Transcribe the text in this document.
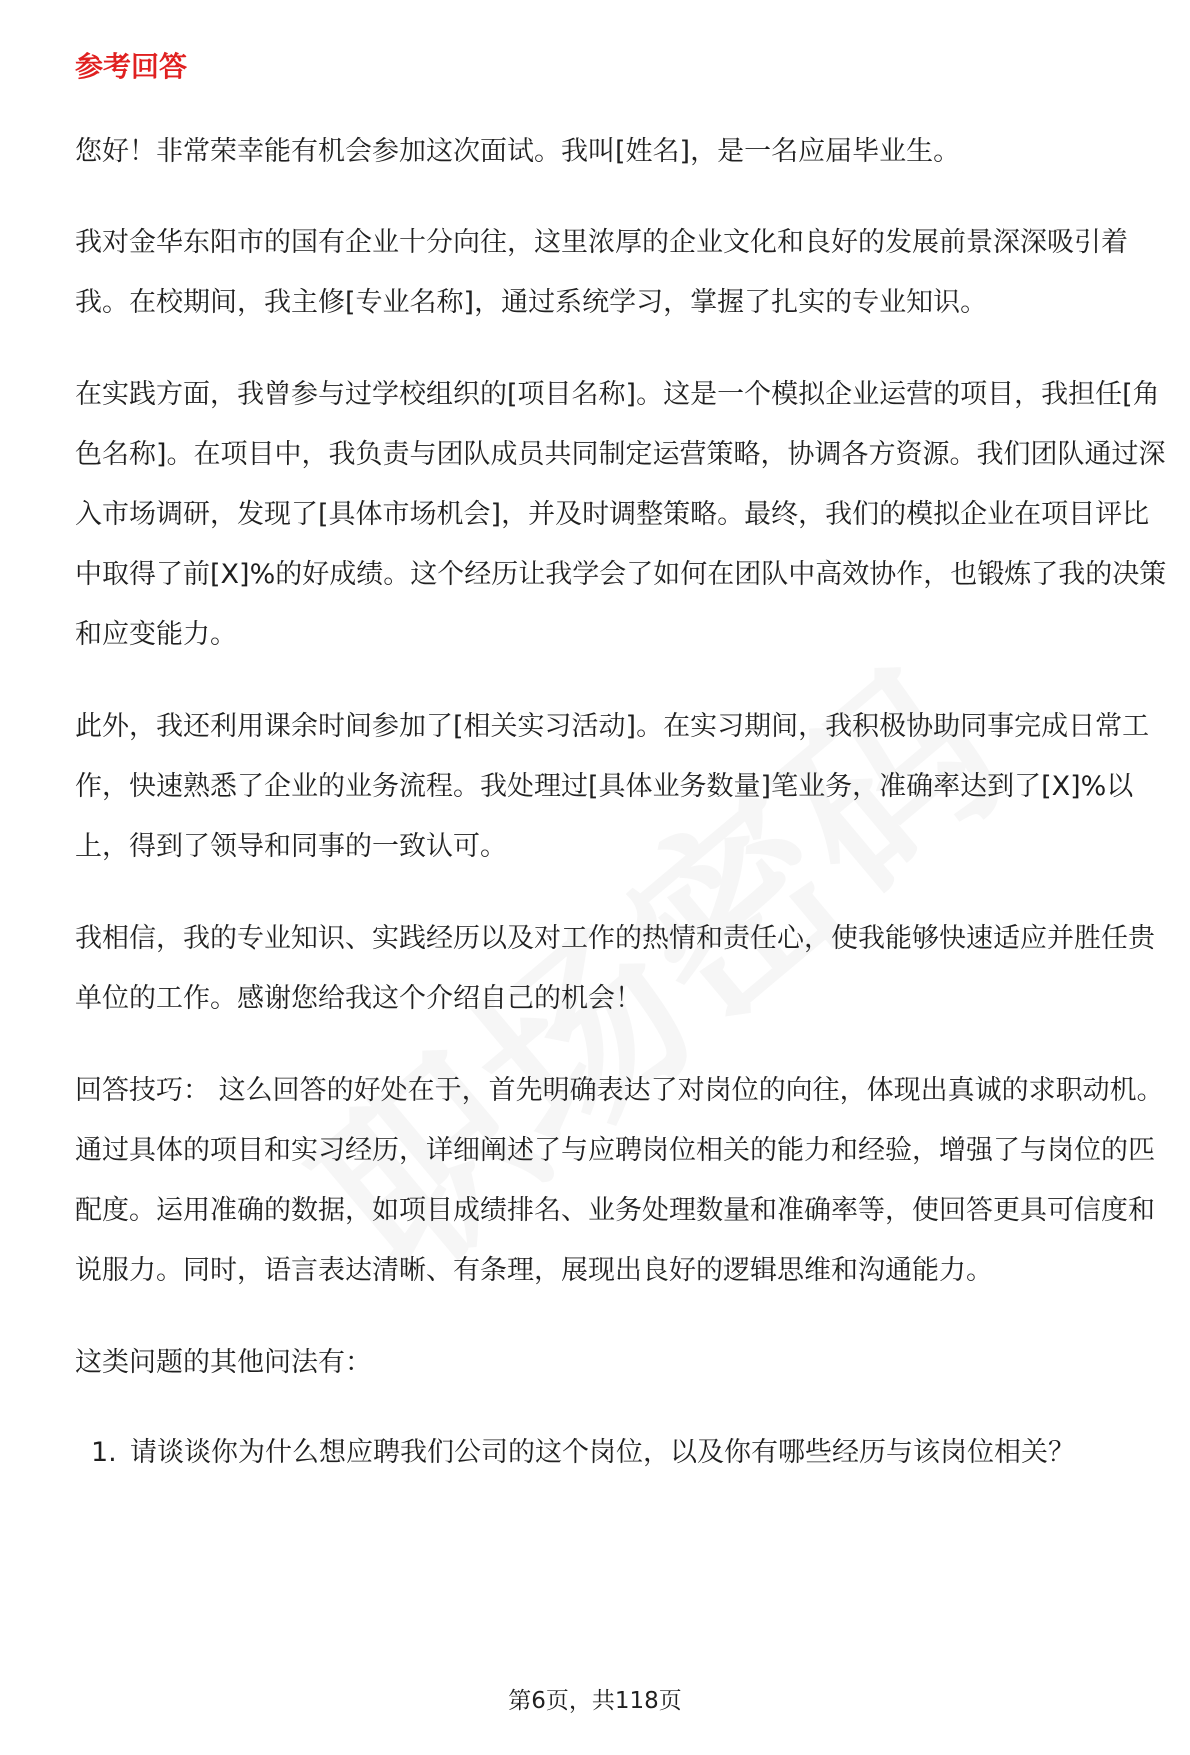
参考回答

您好！非常荣幸能有机会参加这次面试。我叫[姓名]，是一名应届毕业生。

我对金华东阳市的国有企业十分向往，这里浓厚的企业文化和良好的发展前景深深吸引着我。在校期间，我主修[专业名称]，通过系统学习，掌握了扎实的专业知识。

在实践方面，我曾参与过学校组织的[项目名称]。这是一个模拟企业运营的项目，我担任[角色名称]。在项目中，我负责与团队成员共同制定运营策略，协调各方资源。我们团队通过深入市场调研，发现了[具体市场机会]，并及时调整策略。最终，我们的模拟企业在项目评比中取得了前[X]%的好成绩。这个经历让我学会了如何在团队中高效协作，也锻炼了我的决策和应变能力。

此外，我还利用课余时间参加了[相关实习活动]。在实习期间，我积极协助同事完成日常工作，快速熟悉了企业的业务流程。我处理过[具体业务数量]笔业务，准确率达到了[X]%以上，得到了领导和同事的一致认可。

我相信，我的专业知识、实践经历以及对工作的热情和责任心，使我能够快速适应并胜任贵单位的工作。感谢您给我这个介绍自己的机会！

回答技巧： 这么回答的好处在于，首先明确表达了对岗位的向往，体现出真诚的求职动机。通过具体的项目和实习经历，详细阐述了与应聘岗位相关的能力和经验，增强了与岗位的匹配度。运用准确的数据，如项目成绩排名、业务处理数量和准确率等，使回答更具可信度和说服力。同时，语言表达清晰、有条理，展现出良好的逻辑思维和沟通能力。

这类问题的其他问法有：

1. 请谈谈你为什么想应聘我们公司的这个岗位，以及你有哪些经历与该岗位相关？
第6页，共118页
